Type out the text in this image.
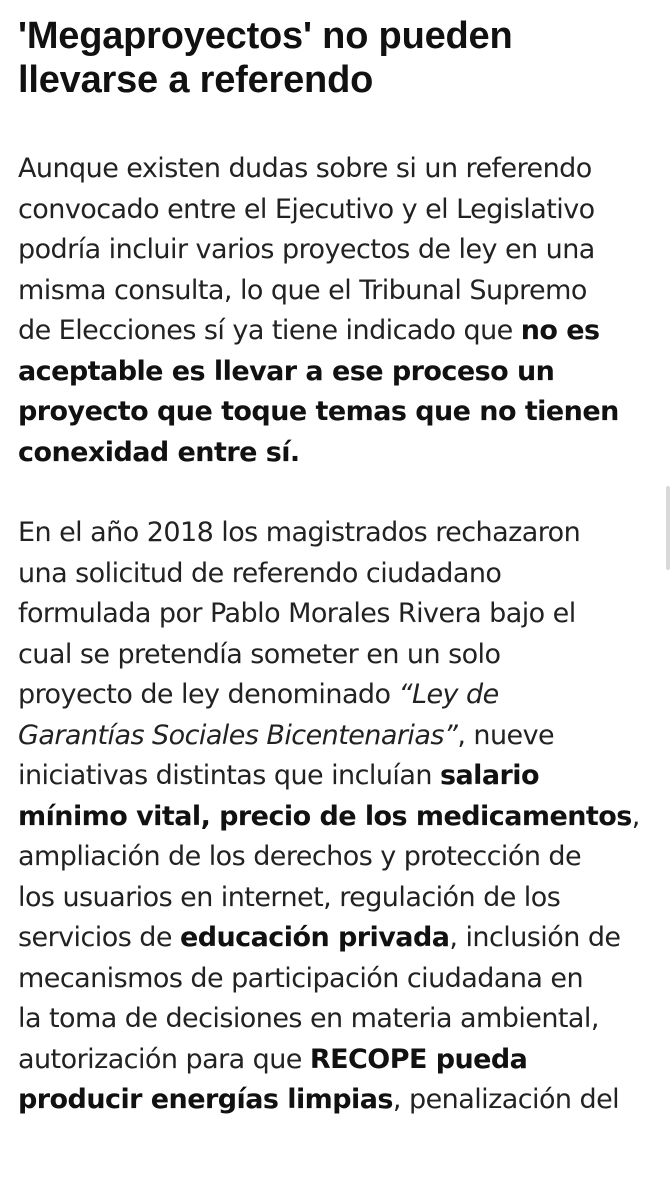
'Megaproyectos' no pueden
llevarse a referendo

Aunque existen dudas sobre si un referendo
convocado entre el Ejecutivo y el Legislativo
podría incluir varios proyectos de ley en una
misma consulta, lo que el Tribunal Supremo
de Elecciones sí ya tiene indicado que no es
aceptable es llevar a ese proceso un
proyecto que toque temas que no tienen
conexidad entre sí.

En el año 2018 los magistrados rechazaron
una solicitud de referendo ciudadano
formulada por Pablo Morales Rivera bajo el
cual se pretendía someter en un solo
proyecto de ley denominado “Ley de
Garantías Sociales Bicentenarias”, nueve
iniciativas distintas que incluían salario
mínimo vital, precio de los medicamentos,
ampliación de los derechos y protección de
los usuarios en internet, regulación de los
servicios de educación privada, inclusión de
mecanismos de participación ciudadana en
la toma de decisiones en materia ambiental,
autorización para que RECOPE pueda
producir energías limpias, penalización del
